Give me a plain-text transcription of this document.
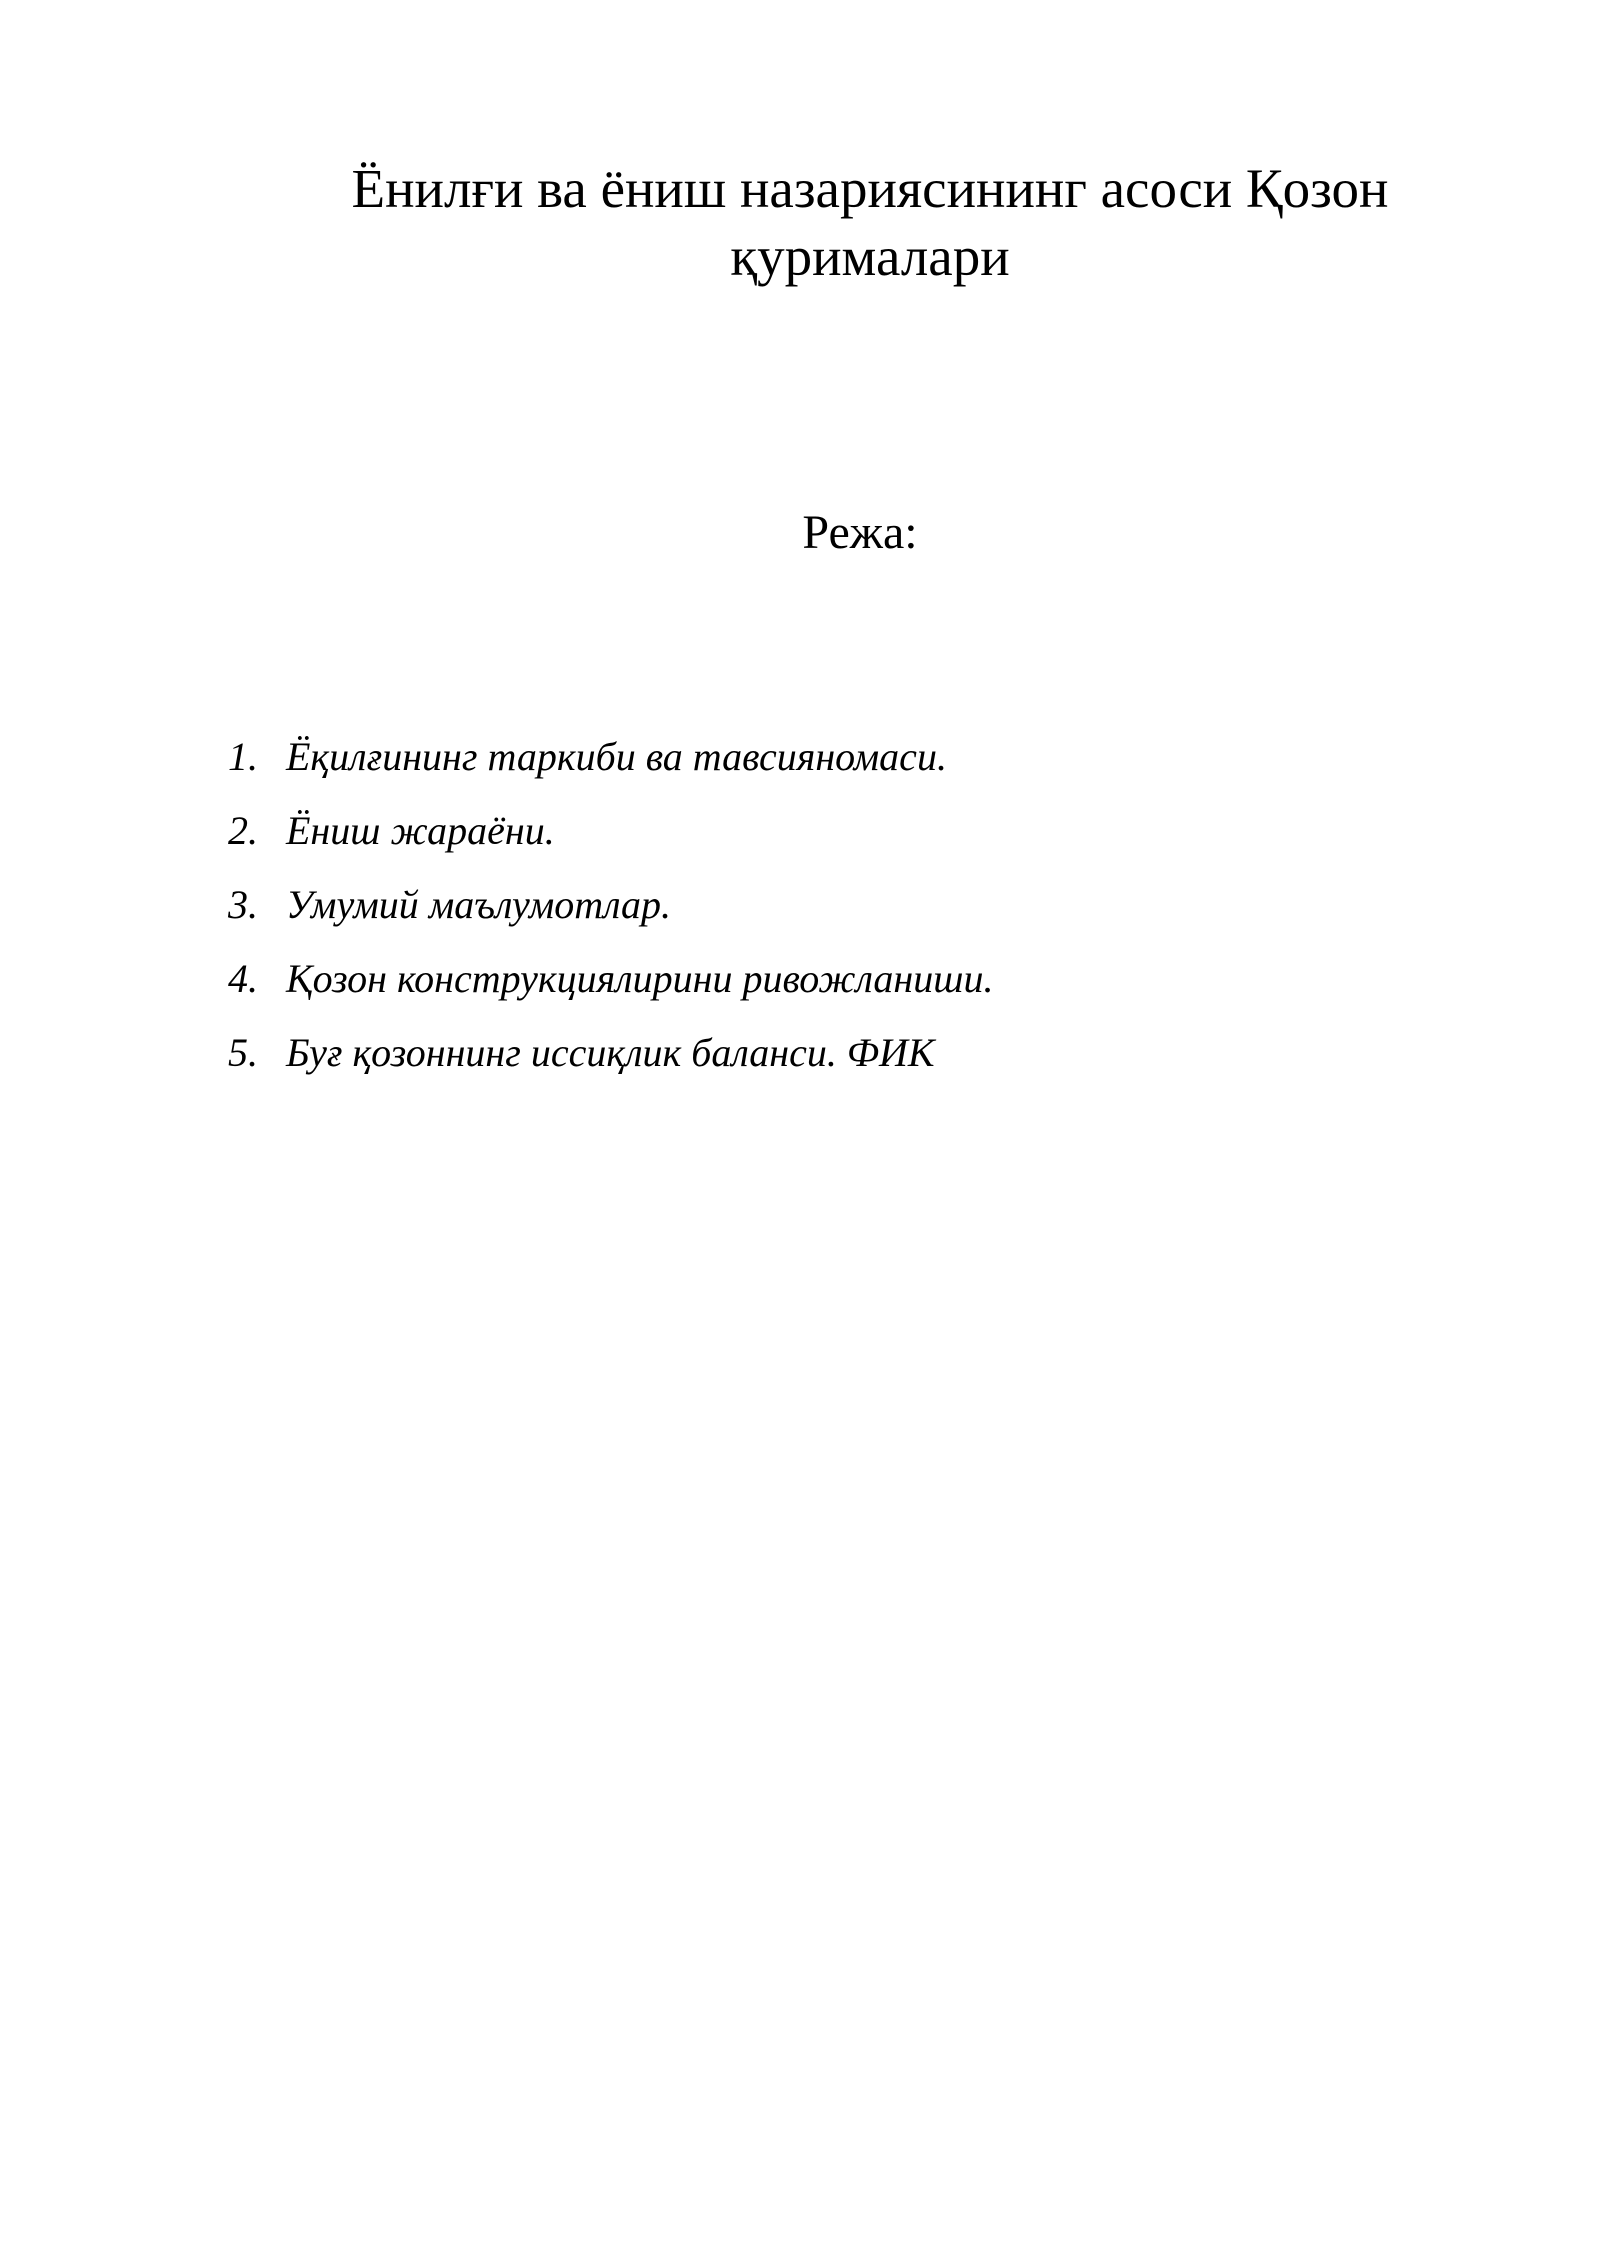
Ёнилғи ва ёниш назариясининг асоси Қозон қурималари
Режа:
1. Ёқилғининг таркиби ва тавсияномаси.
2. Ёниш жараёни.
3. Умумий маълумотлар.
4. Қозон конструкциялирини ривожланиши.
5. Буғ қозоннинг иссиқлик баланси. ФИК
